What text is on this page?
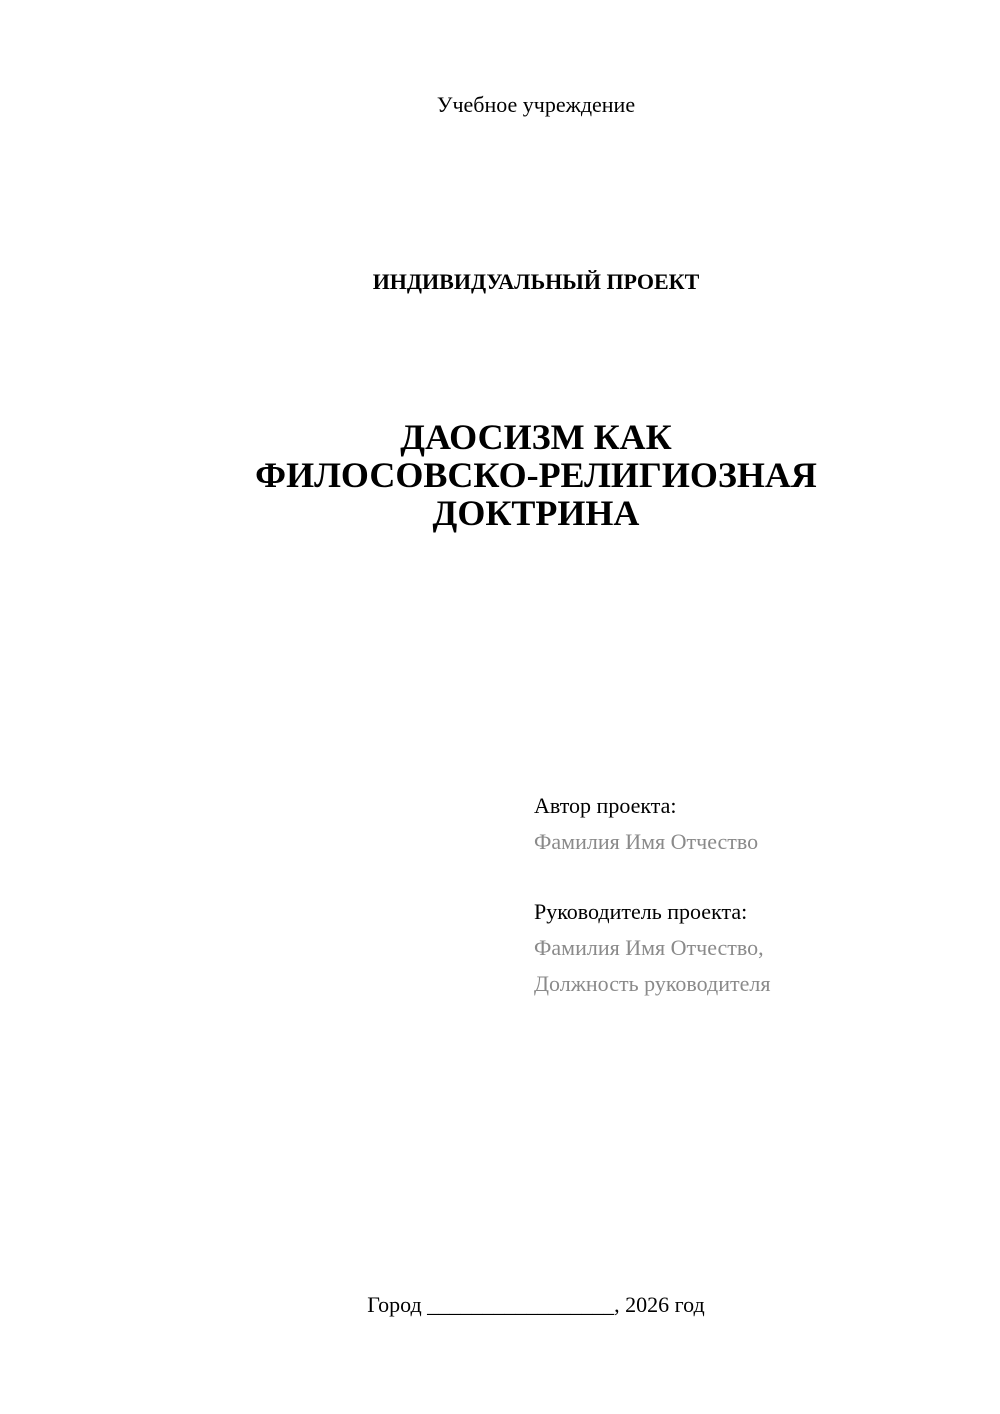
Учебное учреждение
ИНДИВИДУАЛЬНЫЙ ПРОЕКТ
ДАОСИЗМ КАК
ФИЛОСОВСКО-РЕЛИГИОЗНАЯ
ДОКТРИНА
Автор проекта:
Фамилия Имя Отчество
Руководитель проекта:
Фамилия Имя Отчество,
Должность руководителя
Город _________________, 2026 год
